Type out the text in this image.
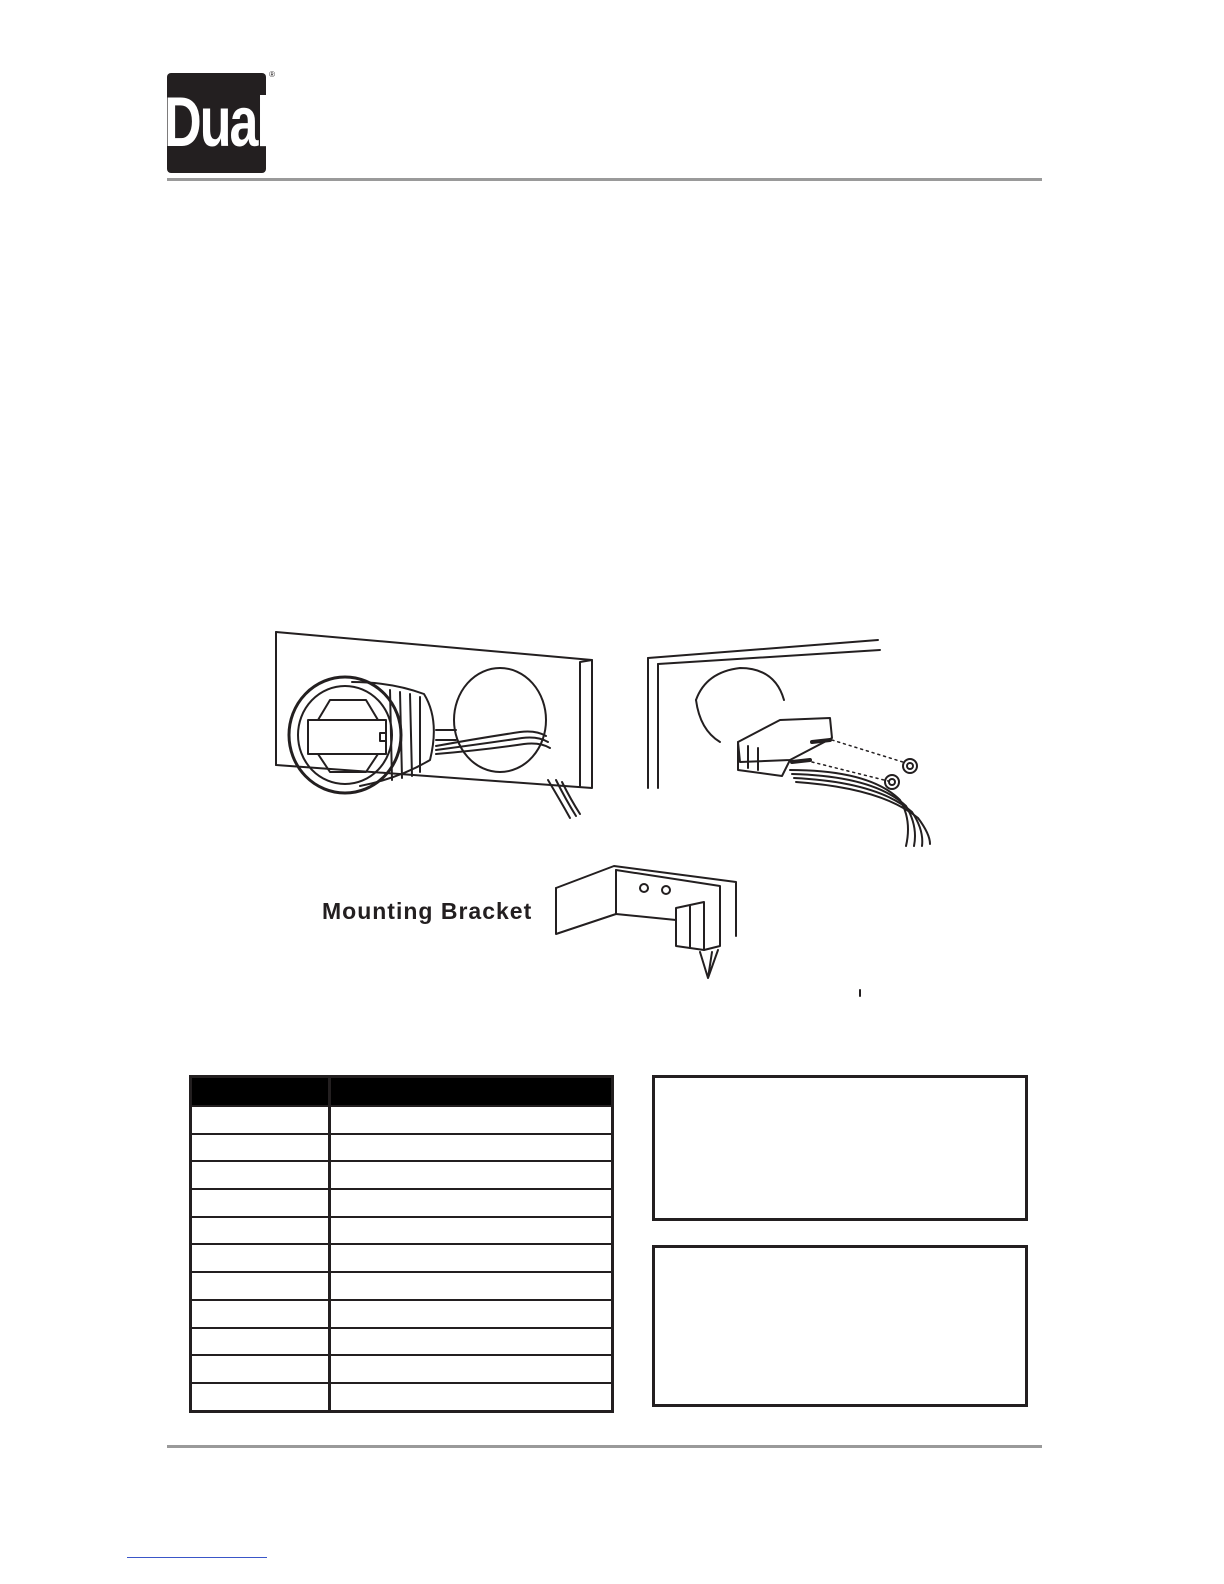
Dual
®
Mounting Bracket
